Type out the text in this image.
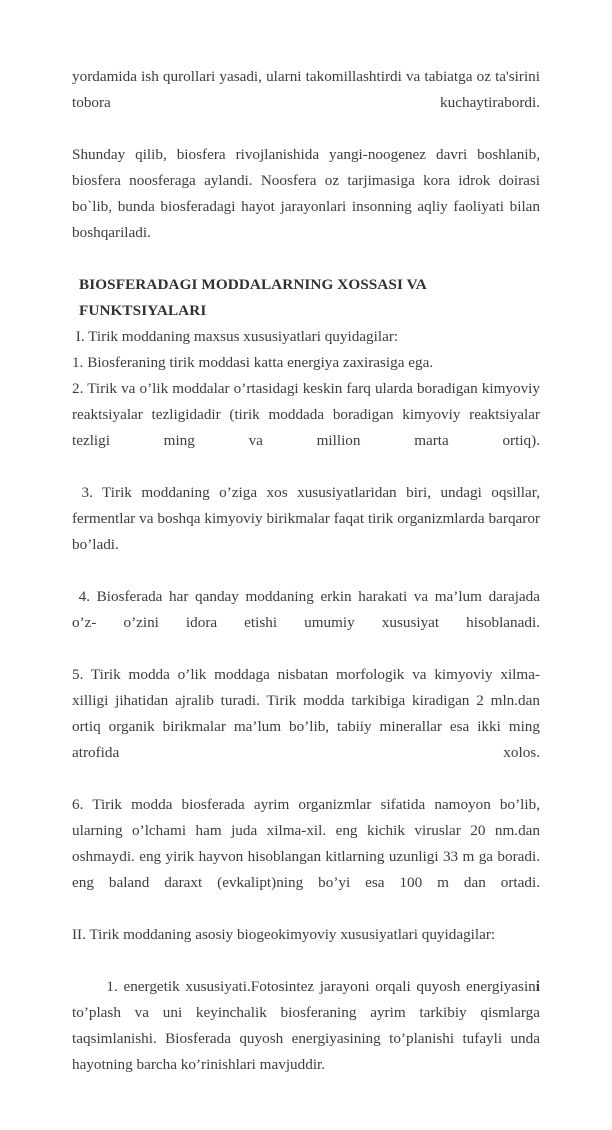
yordamida ish qurollari yasadi, ularni takomillashtirdi va tabiatga oz ta'sirini tobora kuchaytirabordi.

Shunday qilib, biosfera rivojlanishida yangi-noogenez davri boshlanib, biosfera noosferaga aylandi. Noosfera oz tarjimasiga kora idrok doirasi bo`lib, bunda biosferadagi hayot jarayonlari insonning aqliy faoliyati bilan boshqariladi.

BIOSFERADAGI MODDALARNING XOSSASI VA FUNKTSIYALARI

I. Tirik moddaning maxsus xususiyatlari quyidagilar:

1. Biosferaning tirik moddasi katta energiya zaxirasiga ega.

2. Tirik va o’lik moddalar o’rtasidagi keskin farq ularda boradigan kimyoviy reaktsiyalar tezligidadir (tirik moddada boradigan kimyoviy reaktsiyalar tezligi ming va million marta ortiq).

3. Tirik moddaning o’ziga xos xususiyatlaridan biri, undagi oqsillar, fermentlar va boshqa kimyoviy birikmalar faqat tirik organizmlarda barqaror bo’ladi.

4. Biosferada har qanday moddaning erkin harakati va ma’lum darajada o’z- o’zini idora etishi umumiy xususiyat hisoblanadi.

5. Tirik modda o’lik moddaga nisbatan morfologik va kimyoviy xilma-xilligi jihatidan ajralib turadi. Tirik modda tarkibiga kiradigan 2 mln.dan ortiq organik birikmalar ma’lum bo’lib, tabiiy minerallar esa ikki ming atrofida xolos.

6. Tirik modda biosferada ayrim organizmlar sifatida namoyon bo’lib, ularning o’lchami ham juda xilma-xil. eng kichik viruslar 20 nm.dan oshmaydi. eng yirik hayvon hisoblangan kitlarning uzunligi 33 m ga boradi. eng baland daraxt (evkalipt)ning bo’yi esa 100 m dan ortadi.

II. Tirik moddaning asosiy biogeokimyoviy xususiyatlari quyidagilar:

1. energetik xususiyati.Fotosintez jarayoni orqali quyosh energiyasini to’plash va uni keyinchalik biosferaning ayrim tarkibiy qismlarga taqsimlanishi. Biosferada quyosh energiyasining to’planishi tufayli unda hayotning barcha ko’rinishlari mavjuddir.
